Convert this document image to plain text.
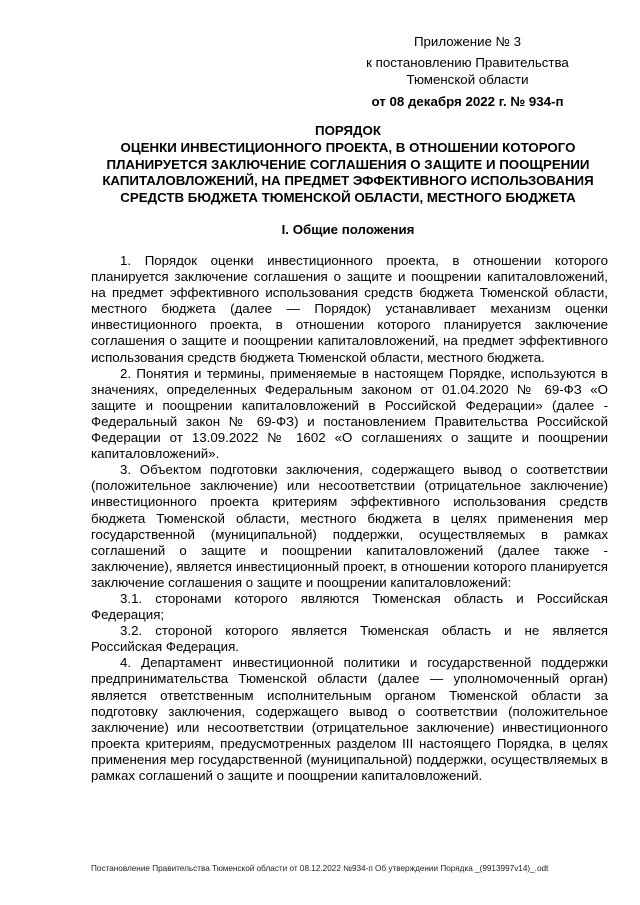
Приложение № 3
к постановлению Правительства
Тюменской области
от 08 декабря 2022 г. № 934-п
ПОРЯДОК
ОЦЕНКИ ИНВЕСТИЦИОННОГО ПРОЕКТА, В ОТНОШЕНИИ КОТОРОГО
ПЛАНИРУЕТСЯ ЗАКЛЮЧЕНИЕ СОГЛАШЕНИЯ О ЗАЩИТЕ И ПООЩРЕНИИ
КАПИТАЛОВЛОЖЕНИЙ, НА ПРЕДМЕТ ЭФФЕКТИВНОГО ИСПОЛЬЗОВАНИЯ
СРЕДСТВ БЮДЖЕТА ТЮМЕНСКОЙ ОБЛАСТИ, МЕСТНОГО БЮДЖЕТА
I. Общие положения

1. Порядок оценки инвестиционного проекта, в отношении которого планируется заключение соглашения о защите и поощрении капиталовложений, на предмет эффективного использования средств бюджета Тюменской области, местного бюджета (далее — Порядок) устанавливает механизм оценки инвестиционного проекта, в отношении которого планируется заключение соглашения о защите и поощрении капиталовложений, на предмет эффективного использования средств бюджета Тюменской области, местного бюджета.

2. Понятия и термины, применяемые в настоящем Порядке, используются в значениях, определенных Федеральным законом от 01.04.2020 № 69-ФЗ «О защите и поощрении капиталовложений в Российской Федерации» (далее - Федеральный закон № 69-ФЗ) и постановлением Правительства Российской Федерации от 13.09.2022 № 1602 «О соглашениях о защите и поощрении капиталовложений».

3. Объектом подготовки заключения, содержащего вывод о соответствии (положительное заключение) или несоответствии (отрицательное заключение) инвестиционного проекта критериям эффективного использования средств бюджета Тюменской области, местного бюджета в целях применения мер государственной (муниципальной) поддержки, осуществляемых в рамках соглашений о защите и поощрении капиталовложений (далее также - заключение), является инвестиционный проект, в отношении которого планируется заключение соглашения о защите и поощрении капиталовложений:

3.1. сторонами которого являются Тюменская область и Российская Федерация;

3.2. стороной которого является Тюменская область и не является Российская Федерация.

4. Департамент инвестиционной политики и государственной поддержки предпринимательства Тюменской области (далее — уполномоченный орган) является ответственным исполнительным органом Тюменской области за подготовку заключения, содержащего вывод о соответствии (положительное заключение) или несоответствии (отрицательное заключение) инвестиционного проекта критериям, предусмотренных разделом III настоящего Порядка, в целях применения мер государственной (муниципальной) поддержки, осуществляемых в рамках соглашений о защите и поощрении капиталовложений.

Постановление Правительства Тюменской области от 08.12.2022 №934-п Об утверждении Порядка _(9913997v14)_.odt
